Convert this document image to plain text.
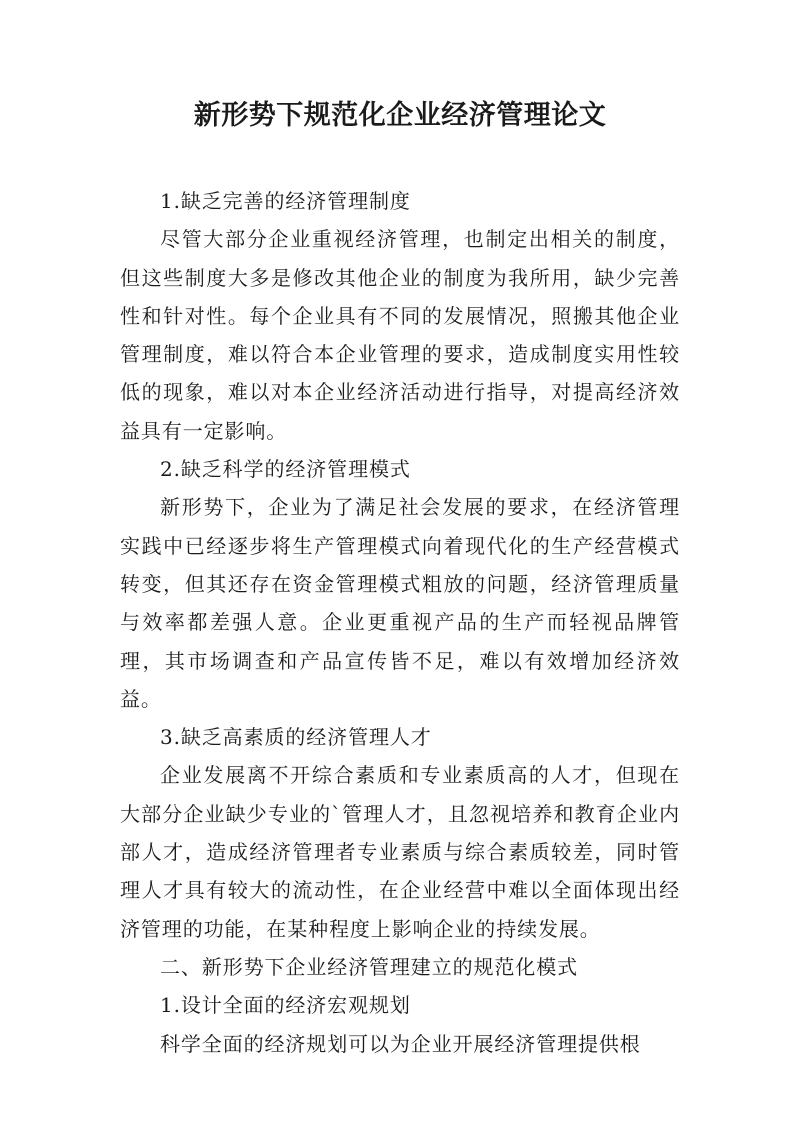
新形势下规范化企业经济管理论文

1.缺乏完善的经济管理制度

尽管大部分企业重视经济管理，也制定出相关的制度，但这些制度大多是修改其他企业的制度为我所用，缺少完善性和针对性。每个企业具有不同的发展情况，照搬其他企业管理制度，难以符合本企业管理的要求，造成制度实用性较低的现象，难以对本企业经济活动进行指导，对提高经济效益具有一定影响。

2.缺乏科学的经济管理模式

新形势下，企业为了满足社会发展的要求，在经济管理实践中已经逐步将生产管理模式向着现代化的生产经营模式转变，但其还存在资金管理模式粗放的问题，经济管理质量与效率都差强人意。企业更重视产品的生产而轻视品牌管理，其市场调查和产品宣传皆不足，难以有效增加经济效益。

3.缺乏高素质的经济管理人才

企业发展离不开综合素质和专业素质高的人才，但现在大部分企业缺少专业的`管理人才，且忽视培养和教育企业内部人才，造成经济管理者专业素质与综合素质较差，同时管理人才具有较大的流动性，在企业经营中难以全面体现出经济管理的功能，在某种程度上影响企业的持续发展。

二、新形势下企业经济管理建立的规范化模式

1.设计全面的经济宏观规划

科学全面的经济规划可以为企业开展经济管理提供根
